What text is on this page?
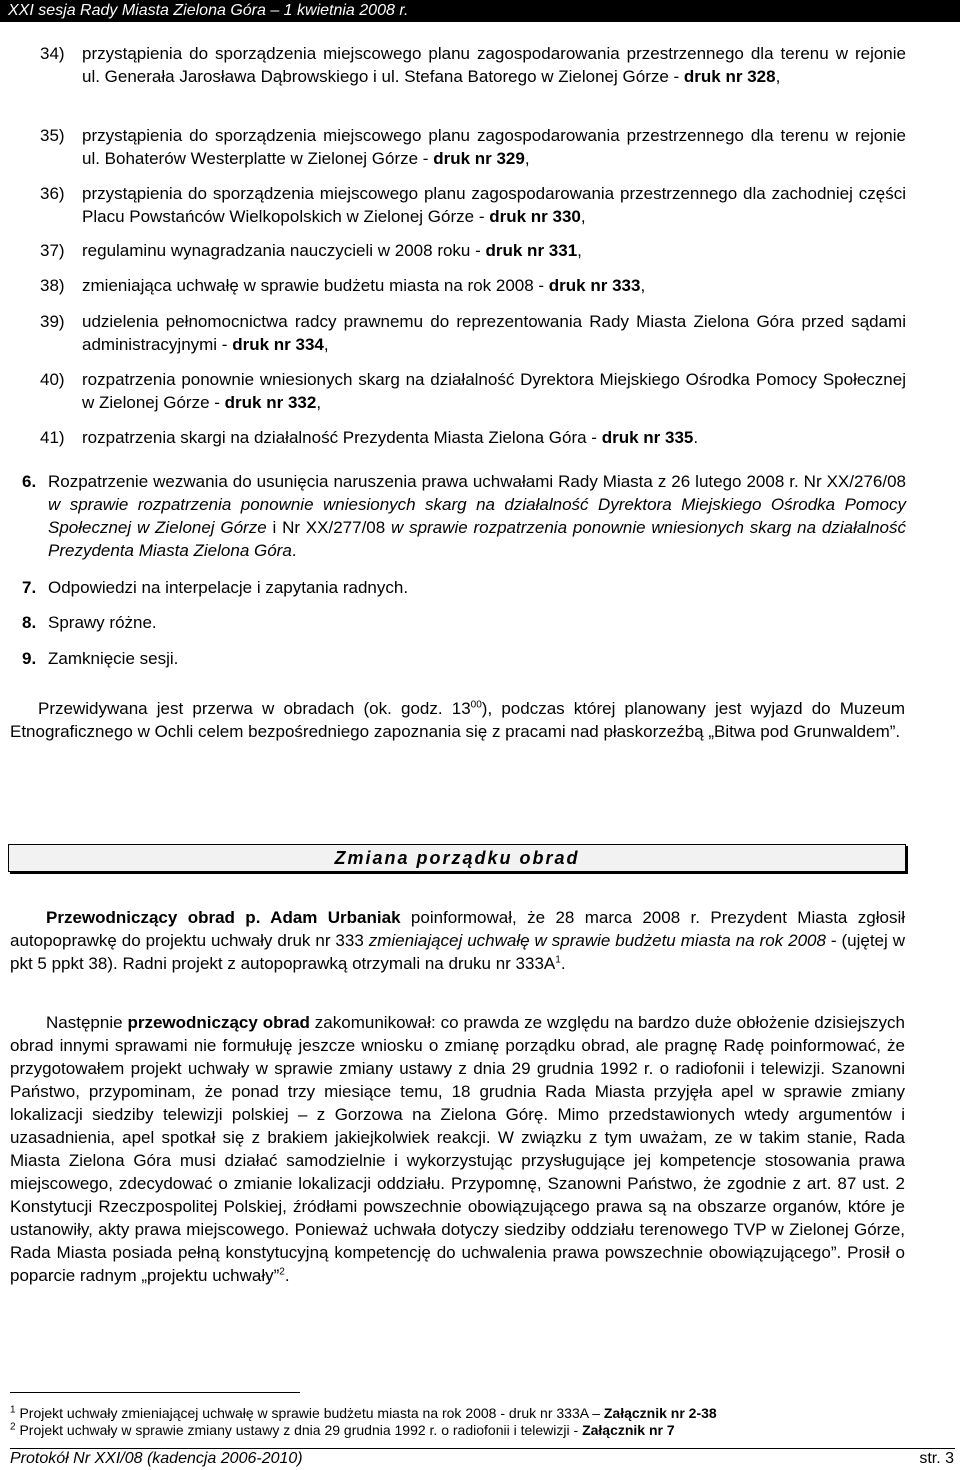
XXI sesja Rady Miasta Zielona Góra – 1 kwietnia 2008 r.
34)	przystąpienia do sporządzenia miejscowego planu zagospodarowania przestrzennego dla terenu w rejonie ul. Generała Jarosława Dąbrowskiego i ul. Stefana Batorego w Zielonej Górze - druk nr 328,
35)	przystąpienia do sporządzenia miejscowego planu zagospodarowania przestrzennego dla terenu w rejonie ul. Bohaterów Westerplatte w Zielonej Górze - druk nr 329,
36)	przystąpienia do sporządzenia miejscowego planu zagospodarowania przestrzennego dla zachodniej części Placu Powstańców Wielkopolskich w Zielonej Górze - druk nr 330,
37)	regulaminu wynagradzania nauczycieli w 2008 roku - druk nr 331,
38)	zmieniająca uchwałę w sprawie budżetu miasta na rok 2008 - druk nr 333,
39)	udzielenia pełnomocnictwa radcy prawnemu do reprezentowania Rady Miasta Zielona Góra przed sądami administracyjnymi - druk nr 334,
40)	rozpatrzenia ponownie wniesionych skarg na działalność Dyrektora Miejskiego Ośrodka Pomocy Społecznej w Zielonej Górze - druk nr 332,
41)	rozpatrzenia skargi na działalność Prezydenta Miasta Zielona Góra - druk nr 335.
6. Rozpatrzenie wezwania do usunięcia naruszenia prawa uchwałami Rady Miasta z 26 lutego 2008 r. Nr XX/276/08 w sprawie rozpatrzenia ponownie wniesionych skarg na działalność Dyrektora Miejskiego Ośrodka Pomocy Społecznej w Zielonej Górze i Nr XX/277/08 w sprawie rozpatrzenia ponownie wniesionych skarg na działalność Prezydenta Miasta Zielona Góra.
7. Odpowiedzi na interpelacje i zapytania radnych.
8. Sprawy różne.
9. Zamknięcie sesji.
Przewidywana jest przerwa w obradach (ok. godz. $13^{00}$), podczas której planowany jest wyjazd do Muzeum Etnograficznego w Ochli celem bezpośredniego zapoznania się z pracami nad płaskorzeźbą „Bitwa pod Grunwaldem”.
Zmiana porządku obrad
Przewodniczący obrad p. Adam Urbaniak poinformował, że 28 marca 2008 r. Prezydent Miasta zgłosił autopoprawkę do projektu uchwały druk nr 333 zmieniającej uchwałę w sprawie budżetu miasta na rok 2008 - (ujętej w pkt 5 ppkt 38). Radni projekt z autopoprawką otrzymali na druku nr $333A^1$.
Następnie przewodniczący obrad zakomunikował: co prawda ze względu na bardzo duże obłożenie dzisiejszych obrad innymi sprawami nie formułuję jeszcze wniosku o zmianę porządku obrad, ale pragnę Radę poinformować, że przygotowałem projekt uchwały w sprawie zmiany ustawy z dnia 29 grudnia 1992 r. o radiofonii i telewizji. Szanowni Państwo, przypominam, że ponad trzy miesiące temu, 18 grudnia Rada Miasta przyjęła apel w sprawie zmiany lokalizacji siedziby telewizji polskiej – z Gorzowa na Zielona Górę. Mimo przedstawionych wtedy argumentów i uzasadnienia, apel spotkał się z brakiem jakiejkolwiek reakcji. W związku z tym uważam, ze w takim stanie, Rada Miasta Zielona Góra musi działać samodzielnie i wykorzystując przysługujące jej kompetencje stosowania prawa miejscowego, zdecydować o zmianie lokalizacji oddziału. Przypomnę, Szanowni Państwo, że zgodnie z art. 87 ust. 2 Konstytucji Rzeczpospolitej Polskiej, źródłami powszechnie obowiązującego prawa są na obszarze organów, które je ustanowiły, akty prawa miejscowego. Ponieważ uchwała dotyczy siedziby oddziału terenowego TVP w Zielonej Górze, Rada Miasta posiada pełną konstytucyjną kompetencję do uchwalenia prawa powszechnie obowiązującego”. Prosił o poparcie radnym „projektu uchwały”$^2$.
$^1$ Projekt uchwały zmieniającej uchwałę w sprawie budżetu miasta na rok 2008 - druk nr 333A – Załącznik nr 2-38
$^2$ Projekt uchwały w sprawie zmiany ustawy z dnia 29 grudnia 1992 r. o radiofonii i telewizji - Załącznik nr 7
Protokół Nr XXI/08 (kadencja 2006-2010)	str. 3
